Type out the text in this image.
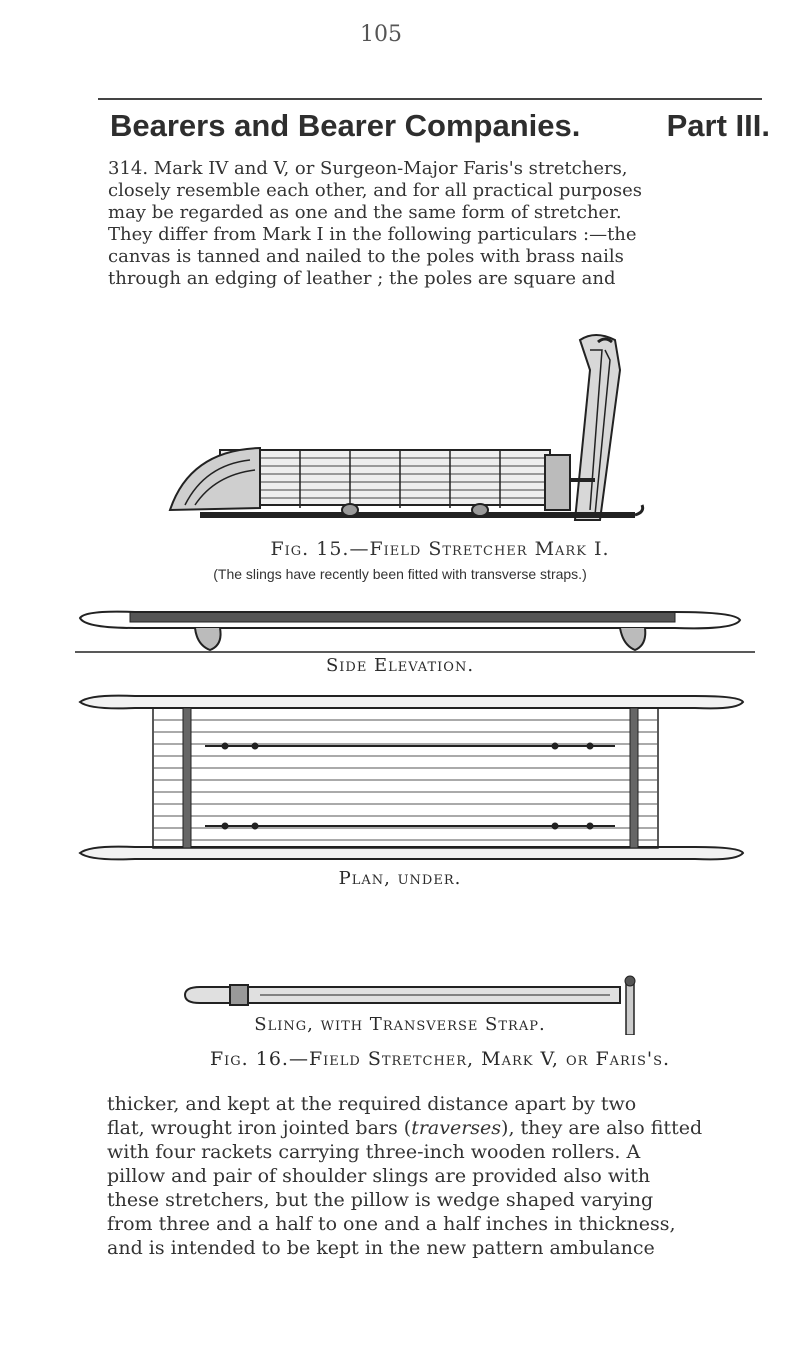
105
Bearers and Bearer Companies.	Part III.
314. Mark IV and V, or Surgeon-Major Faris's stretchers,
closely resemble each other, and for all practical purposes
may be regarded as one and the same form of stretcher.
They differ from Mark I in the following particulars :—the
canvas is tanned and nailed to the poles with brass nails
through an edging of leather ; the poles are square and
Fig. 15.—Field Stretcher Mark I.
(The slings have recently been fitted with transverse straps.)
Side Elevation.
Plan, under.
Sling, with Transverse Strap.
Fig. 16.—Field Stretcher, Mark V, or Faris's.
thicker, and kept at the required distance apart by two
flat, wrought iron jointed bars (traverses), they are also fitted
with four rackets carrying three-inch wooden rollers. A
pillow and pair of shoulder slings are provided also with
these stretchers, but the pillow is wedge shaped varying
from three and a half to one and a half inches in thickness,
and is intended to be kept in the new pattern ambulance
